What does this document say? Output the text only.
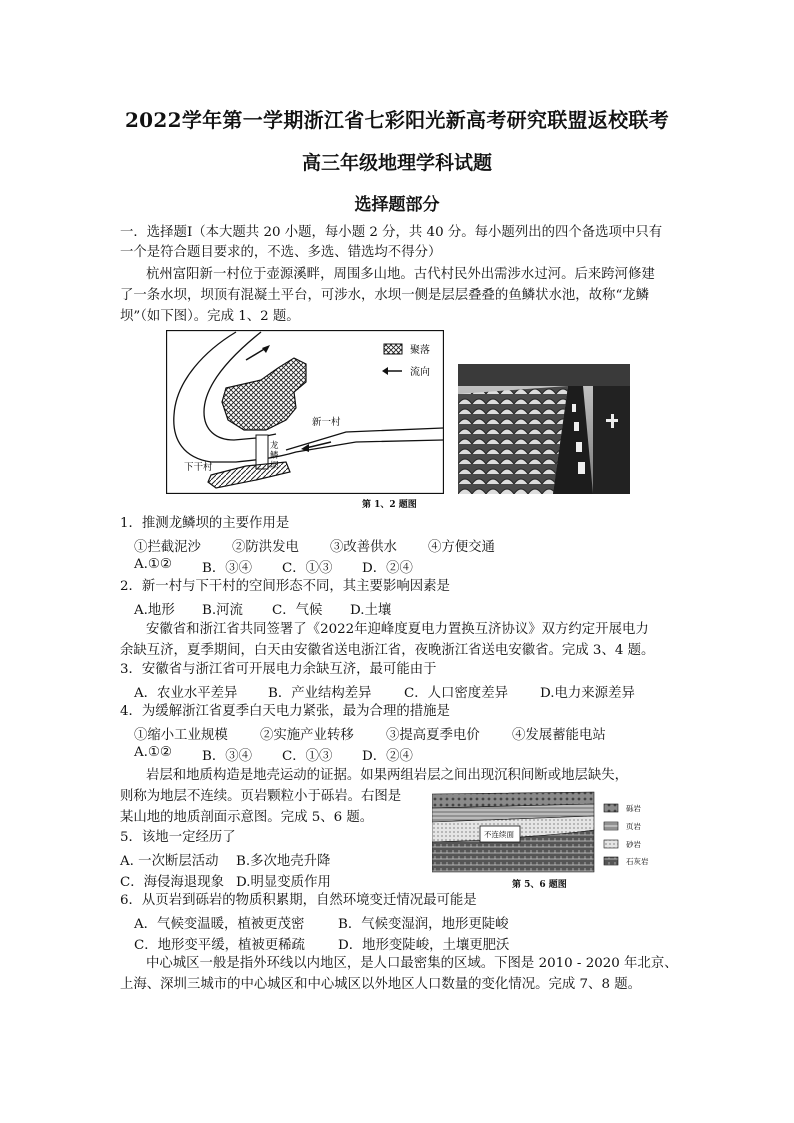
2022学年第一学期浙江省七彩阳光新高考研究联盟返校联考
高三年级地理学科试题
选择题部分
一．选择题Ⅰ（本大题共 20 小题，每小题 2 分，共 40 分。每小题列出的四个备选项中只有
一个是符合题目要求的，不选、多选、错选均不得分）
杭州富阳新一村位于壶源溪畔，周围多山地。古代村民外出需涉水过河。后来跨河修建
了一条水坝，坝顶有混凝土平台，可涉水，水坝一侧是层层叠叠的鱼鳞状水池，故称“龙鳞
坝”（如下图）。完成 1、2 题。
聚落
流向
新一村
下干村
龙
鳞
坝
第 1、2 题图
1．推测龙鳞坝的主要作用是
①拦截泥沙 ②防洪发电 ③改善供水 ④方便交通
A.①② B．③④ C．①③ D．②④
2．新一村与下干村的空间形态不同，其主要影响因素是
A.地形 B.河流 C．气候 D.土壤
安徽省和浙江省共同签署了《2022年迎峰度夏电力置换互济协议》双方约定开展电力
余缺互济，夏季期间，白天由安徽省送电浙江省，夜晚浙江省送电安徽省。完成 3、4 题。
3．安徽省与浙江省可开展电力余缺互济，最可能由于
A．农业水平差异 B．产业结构差异 C．人口密度差异 D.电力来源差异
4．为缓解浙江省夏季白天电力紧张，最为合理的措施是
①缩小工业规模 ②实施产业转移 ③提高夏季电价 ④发展蓄能电站
A.①② B．③④ C．①③ D．②④
岩层和地质构造是地壳运动的证据。如果两组岩层之间出现沉积间断或地层缺失，
则称为地层不连续。页岩颗粒小于砾岩。右图是
某山地的地质剖面示意图。完成 5、6 题。
不连续面
砾岩
页岩
砂岩
石灰岩
第 5、6 题图
5．该地一定经历了
A. 一次断层活动 B.多次地壳升降
C．海侵海退现象 D.明显变质作用
6．从页岩到砾岩的物质积累期，自然环境变迁情况最可能是
A．气候变温暖，植被更茂密	B．气候变湿润，地形更陡峻
C．地形变平缓，植被更稀疏 D．地形变陡峻，土壤更肥沃
中心城区一般是指外环线以内地区，是人口最密集的区域。下图是 2010 - 2020 年北京、
上海、深圳三城市的中心城区和中心城区以外地区人口数量的变化情况。完成 7、8 题。
